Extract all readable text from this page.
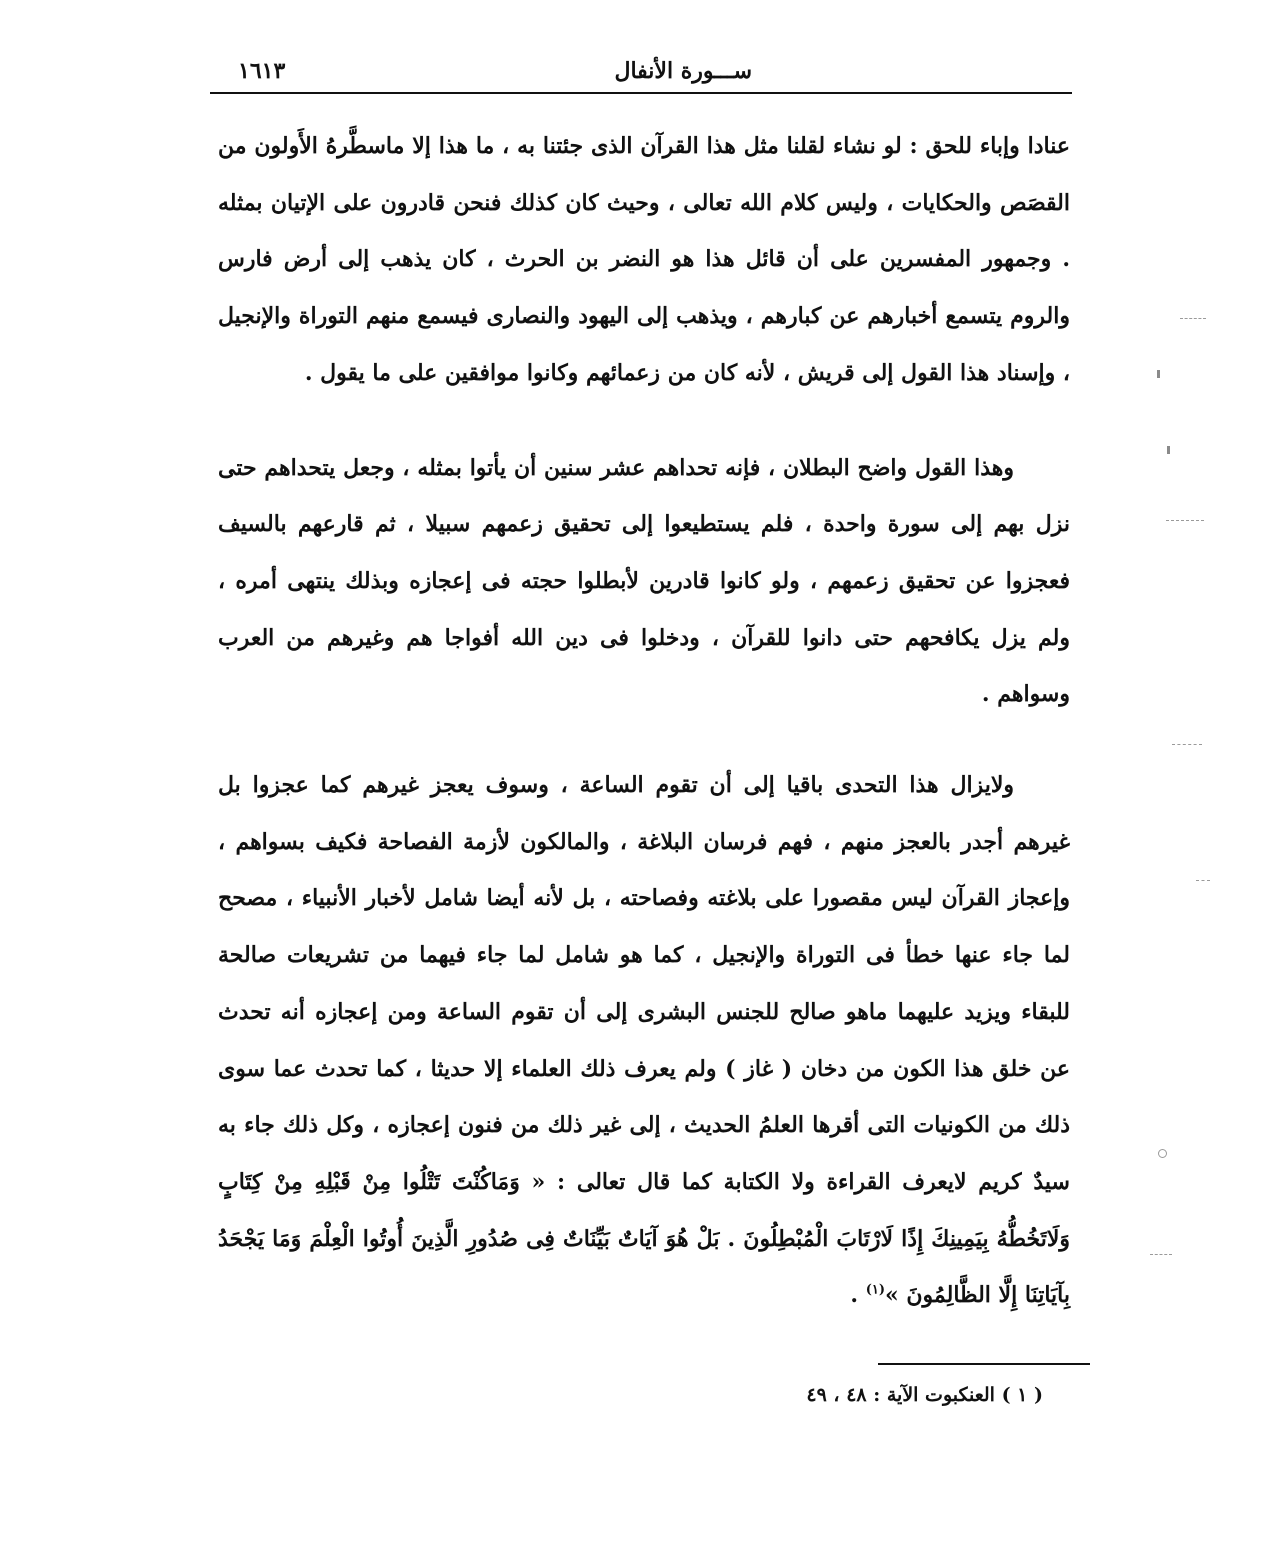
ســـورة الأنفال
١٦١٣

عنادا وإباء للحق : لو نشاء لقلنا مثل هذا القرآن الذى جئتنا به ، ما هذا إلا ماسطَّرهُ الأَولون من القصَص والحكايات ، وليس كلام الله تعالى ، وحيث كان كذلك فنحن قادرون على الإتيان بمثله . وجمهور المفسرين على أن قائل هذا هو النضر بن الحرث ، كان يذهب إلى أرض فارس والروم يتسمع أخبارهم عن كبارهم ، ويذهب إلى اليهود والنصارى فيسمع منهم التوراة والإنجيل ، وإسناد هذا القول إلى قريش ، لأنه كان من زعمائهم وكانوا موافقين على ما يقول .

وهذا القول واضح البطلان ، فإنه تحداهم عشر سنين أن يأتوا بمثله ، وجعل يتحداهم حتى نزل بهم إلى سورة واحدة ، فلم يستطيعوا إلى تحقيق زعمهم سبيلا ، ثم قارعهم بالسيف فعجزوا عن تحقيق زعمهم ، ولو كانوا قادرين لأبطلوا حجته فى إعجازه وبذلك ينتهى أمره ، ولم يزل يكافحهم حتى دانوا للقرآن ، ودخلوا فى دين الله أفواجا هم وغيرهم من العرب وسواهم .

ولايزال هذا التحدى باقيا إلى أن تقوم الساعة ، وسوف يعجز غيرهم كما عجزوا بل غيرهم أجدر بالعجز منهم ، فهم فرسان البلاغة ، والمالكون لأزمة الفصاحة فكيف بسواهم ، وإعجاز القرآن ليس مقصورا على بلاغته وفصاحته ، بل لأنه أيضا شامل لأخبار الأنبياء ، مصحح لما جاء عنها خطأ فى التوراة والإنجيل ، كما هو شامل لما جاء فيهما من تشريعات صالحة للبقاء ويزيد عليهما ماهو صالح للجنس البشرى إلى أن تقوم الساعة ومن إعجازه أنه تحدث عن خلق هذا الكون من دخان ( غاز ) ولم يعرف ذلك العلماء إلا حديثا ، كما تحدث عما سوى ذلك من الكونيات التى أقرها العلمُ الحديث ، إلى غير ذلك من فنون إعجازه ، وكل ذلك جاء به سيدٌ كريم لايعرف القراءة ولا الكتابة كما قال تعالى : « وَمَاكُنْتَ تَتْلُوا مِنْ قَبْلِهِ مِنْ كِتَابٍ وَلَاتَخُطُّهُ بِيَمِينِكَ إِذًا لَارْتَابَ الْمُبْطِلُونَ . بَلْ هُوَ آيَاتٌ بَيِّنَاتٌ فِى صُدُورِ الَّذِينَ أُوتُوا الْعِلْمَ وَمَا يَجْحَدُ بِآيَاتِنَا إِلَّا الظَّالِمُونَ »$^{(١)}$ .

( ١ ) العنكبوت الآية : ٤٨ ، ٤٩
